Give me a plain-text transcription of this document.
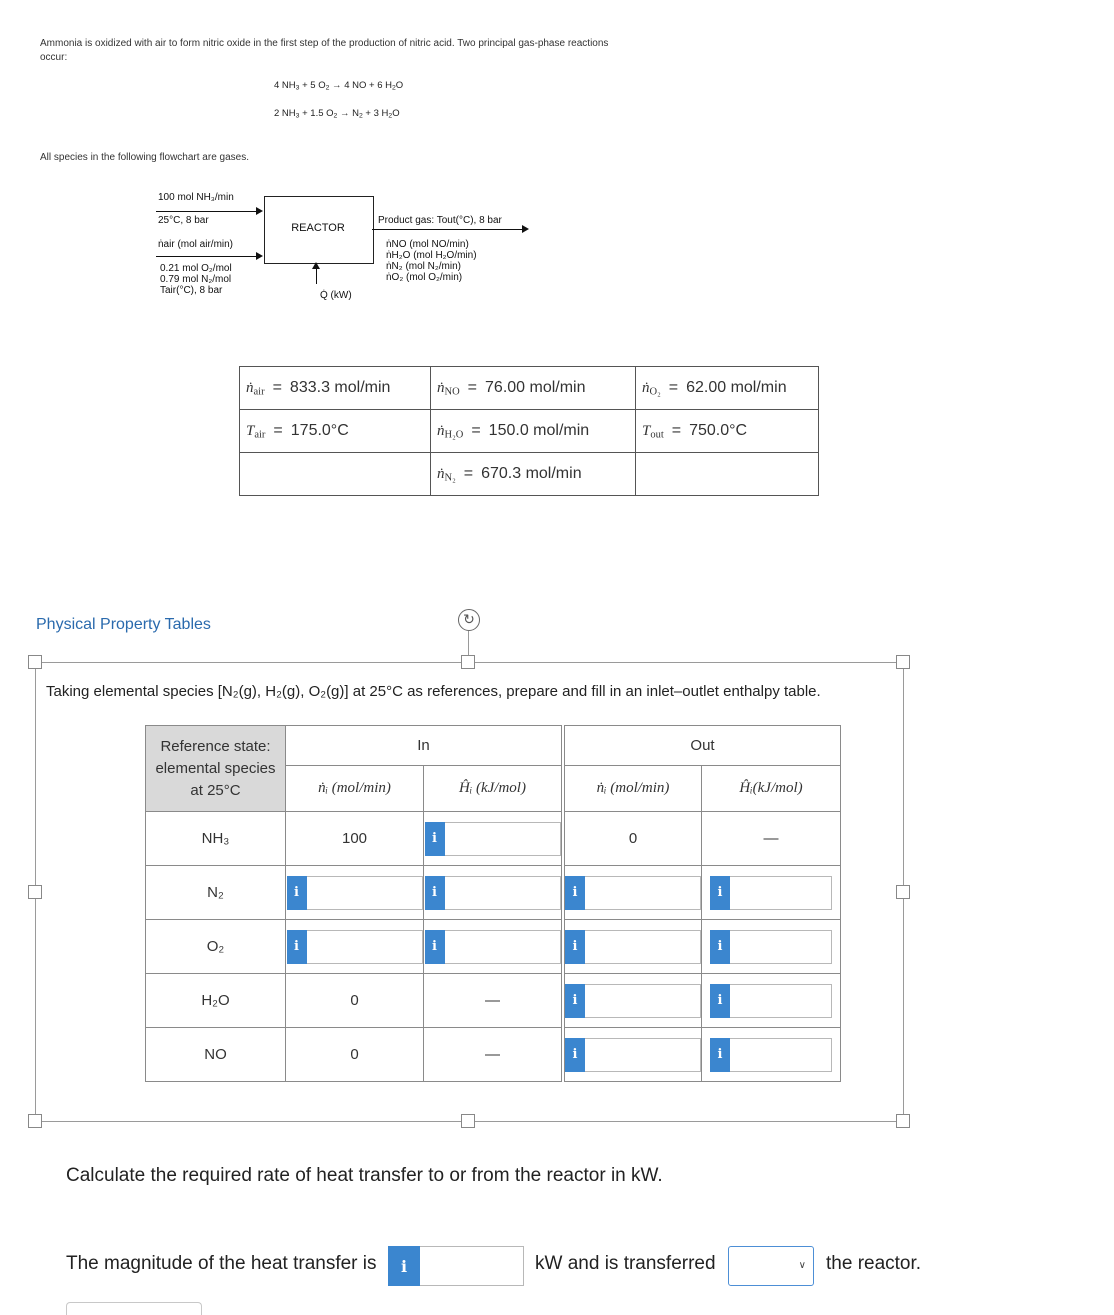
Ammonia is oxidized with air to form nitric oxide in the first step of the production of nitric acid. Two principal gas-phase reactions
occur:
4 $NH_3 + 5$ $O_2 \to 4$ NO + 6 $H_2O$
2 $NH_3 + 1.5$ $O_2 \to N_2 + 3$ $H_2O$
All species in the following flowchart are gases.
100 mol NH₃/min
25°C, 8 bar
ṅair (mol air/min)
0.21 mol O₂/mol
0.79 mol N₂/mol
Tair(°C), 8 bar
REACTOR
Product gas: Tout(°C), 8 bar
ṅNO (mol NO/min)
ṅH₂O (mol H₂O/min)
ṅN₂ (mol N₂/min)
ṅO₂ (mol O₂/min)
Q̇ (kW)
ṅ$_{air}$ = 833.3 mol/min	ṅ$_{NO}$ = 76.00 mol/min	ṅ$_{O_2}$ = 62.00 mol/min
$T_{air} = 175.0^\circ C$	ṅ$_{H_2O}$ = 150.0 mol/min	$T_{out} = 750.0^\circ C$
	ṅ$_{N_2}$ = 670.3 mol/min	
Physical Property Tables	↻
Taking elemental species [N₂(g), H₂(g), O₂(g)] at 25°C as references, prepare and fill in an inlet–outlet enthalpy table.
Reference state: elemental species at 25°C	In			Out	
	ṅᵢ (mol/min)	Ĥᵢ (kJ/mol)		ṅᵢ (mol/min)	Ĥᵢ(kJ/mol)
NH₃	100	i		0	—
N₂	i	i		i	i

O₂	i	i		i	i

H₂O	0	—		i	i

NO	0	—		i	i
Calculate the required rate of heat transfer to or from the reactor in kW.
The magnitude of the heat transfer is	i	kW and is transferred	∨ the reactor.
